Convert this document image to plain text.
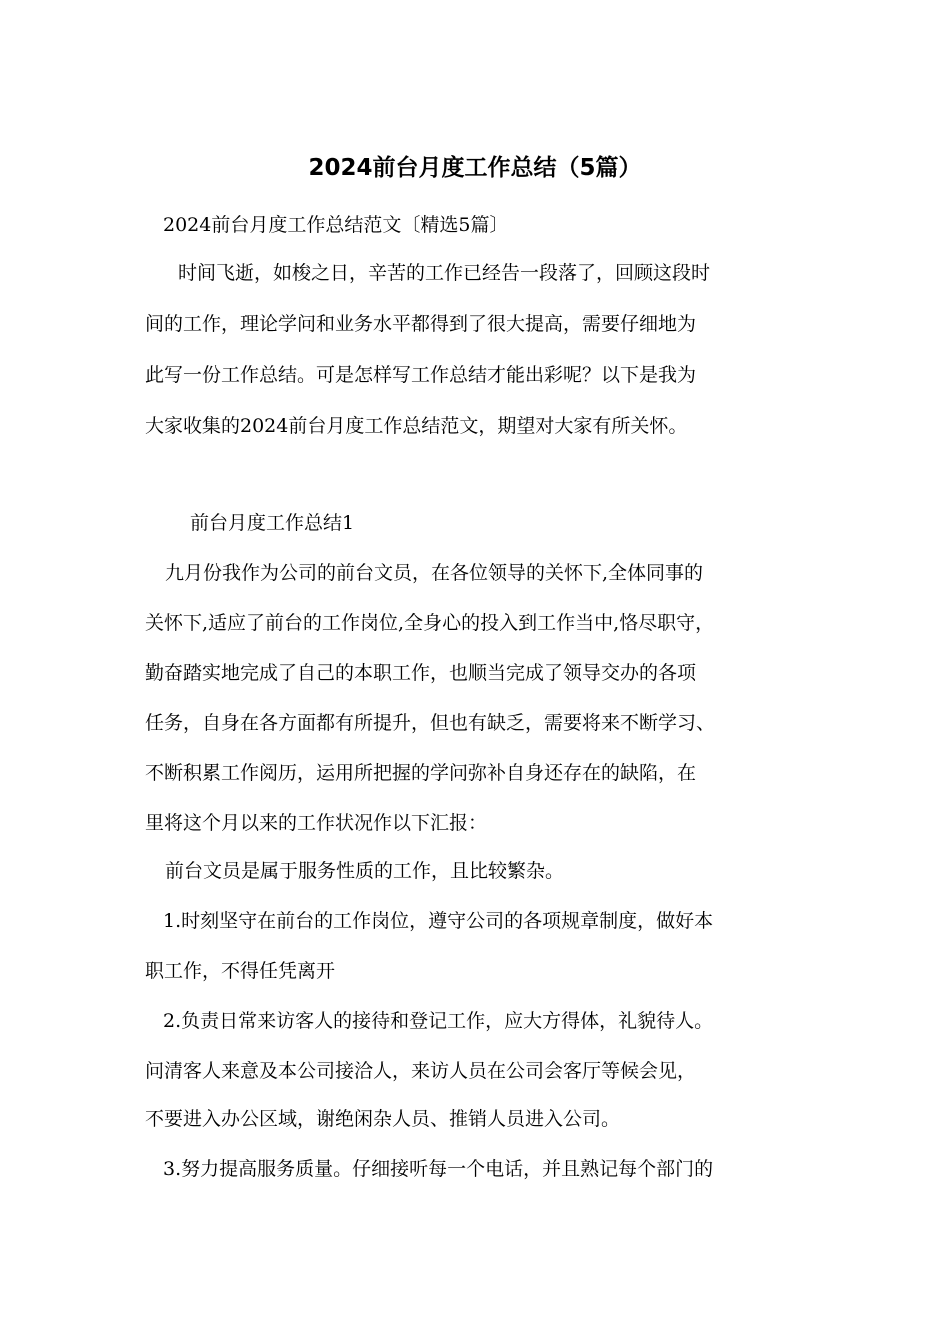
2024前台月度工作总结（5篇）
2024前台月度工作总结范文〔精选5篇〕
时间飞逝，如梭之日，辛苦的工作已经告一段落了，回顾这段时
间的工作，理论学问和业务水平都得到了很大提高，需要仔细地为
此写一份工作总结。可是怎样写工作总结才能出彩呢？以下是我为
大家收集的2024前台月度工作总结范文，期望对大家有所关怀。
前台月度工作总结1
九月份我作为公司的前台文员，在各位领导的关怀下,全体同事的
关怀下,适应了前台的工作岗位,全身心的投入到工作当中,恪尽职守，
勤奋踏实地完成了自己的本职工作，也顺当完成了领导交办的各项
任务，自身在各方面都有所提升，但也有缺乏，需要将来不断学习、
不断积累工作阅历，运用所把握的学问弥补自身还存在的缺陷，在
里将这个月以来的工作状况作以下汇报：
前台文员是属于服务性质的工作，且比较繁杂。
1.时刻坚守在前台的工作岗位，遵守公司的各项规章制度，做好本
职工作，不得任凭离开
2.负责日常来访客人的接待和登记工作，应大方得体，礼貌待人。
问清客人来意及本公司接洽人，来访人员在公司会客厅等候会见，
不要进入办公区域，谢绝闲杂人员、推销人员进入公司。
3.努力提高服务质量。仔细接听每一个电话，并且熟记每个部门的
